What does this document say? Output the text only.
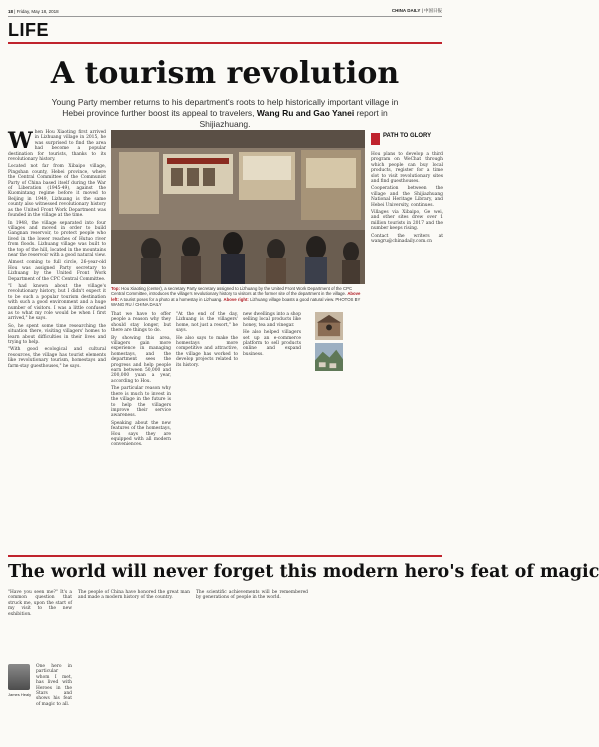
18 | Friday, May 18, 2018	CHINA DAILY | 中国日报
LIFE
A tourism revolution
Young Party member returns to his department's roots to help historically important village in Hebei province further boost its appeal to travelers, Wang Ru and Gao Yanei report in Shijiazhuang.
W hen Hou Xiaoting first arrived in Lizhuang village in 2015, he was surprised to find the area had become a popular destination for tourists, thanks to its revolutionary history.

Located not far from Xibaipo village, Pingshan county, Hebei province, where the Central Committee of the Communist Party of China based itself during the War of Liberation (1945-49), against the Kuomintang regime before it moved to Beijing in 1949, Lizhuang is the same county also witnessed revolutionary history as the United Front Work Department was founded in the village at the time.

In 1948, the village separated into four villages and moved in order to build Gangnan reservoir, to protect people who lived in the lower reaches of Hutuo river from floods. Lizhuang village was built to the top of the hill, located in the mountains near the reservoir with a good natural view.

Almost coming to full circle, 26-year-old Hou was assigned Party secretary to Lizhuang by the United Front Work Department of the CPC Central Committee.

"I had known about the village's revolutionary history, but I didn't expect it to be such a popular tourism destination with such a good environment and a huge number of visitors. I was a little confused as to what my role would be when I first arrived," he says.

So, he spent some time researching the situation there, visiting villagers' homes to learn about difficulties in their lives and trying to help.

"With good ecological and cultural resources, the village has tourist elements like revolutionary tourism, homestays and farm-stay guesthouses," he says.

Top: Hou Xiaoting (center), a secretary Party secretary assigned to Lizhuang by the United Front Work Department of the CPC Central Committee, introduces the village's revolutionary history to visitors at the former site of the department in the village. Above left: A tourist poses for a photo at a homestay in Lizhuang. Above right: Lizhuang village boasts a good natural view. PHOTOS BY WANG RU / CHINA DAILY

That we have to offer people a reason why they should stay longer, but there are things to do.

By showing this area, villagers gain more experience in managing homestays, and the department sees the progress and help people earn between 50,000 and 200,000 yuan a year, according to Hou.

The particular reason why there is much to invest in the village in the future is to help the villagers improve their service awareness.

Speaking about the new features of the homestays, Hou says they are equipped with all modern conveniences.

"At the end of the day, Lizhuang is the villagers' home, not just a resort," he says.

He also says to make the homestays more competitive and attractive, the village has worked to develop projects related to its history.

new dwellings into a shop selling local products like honey, tea and vinegar.

He also helped villagers set up an e-commerce platform to sell products online and expand business.

PATH TO GLORY

Hou plans to develop a third program on WeChat through which people can buy local products, register for a time slot to visit revolutionary sites and find guesthouses.

Cooperation between the village and the Shijiazhuang National Heritage Library, and Hebei University, continues.

Villages via Xibaipo, Ge wei, and other sites drew over 1 million tourists in 2017 and the number keeps rising.

Contact the writers at wangru@chinadaily.com.cn

The world will never forget this modern hero's feat of magic

"Have you seen me?" It's a common question that struck me, upon the start of my visit to the new exhibition.

James Healy

One hero in particular whom I met, has lived with Heroes in the Stars and shows his feat of magic to all.

The people of China have honored the great man and made a modern history of the country.

The scientific achievements will be remembered by generations of people in the world.
